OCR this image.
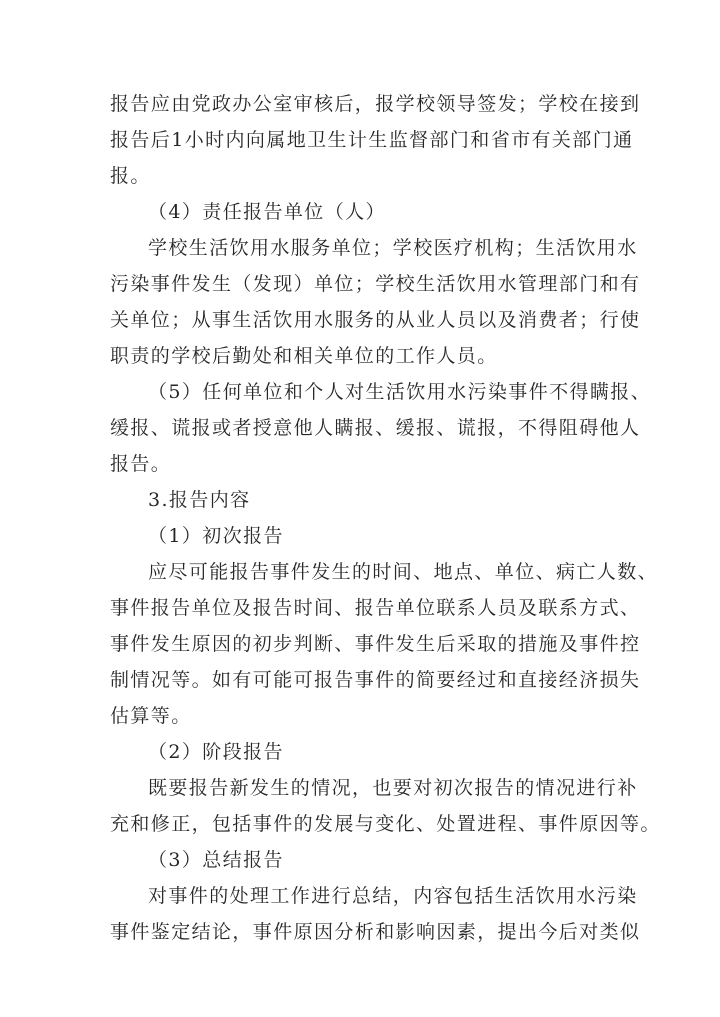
报告应由党政办公室审核后，报学校领导签发；学校在接到
报告后1小时内向属地卫生计生监督部门和省市有关部门通
报。
（4）责任报告单位（人）
学校生活饮用水服务单位；学校医疗机构；生活饮用水
污染事件发生（发现）单位；学校生活饮用水管理部门和有
关单位；从事生活饮用水服务的从业人员以及消费者；行使
职责的学校后勤处和相关单位的工作人员。
（5）任何单位和个人对生活饮用水污染事件不得瞒报、
缓报、谎报或者授意他人瞒报、缓报、谎报，不得阻碍他人
报告。
3.报告内容
（1）初次报告
应尽可能报告事件发生的时间、地点、单位、病亡人数、
事件报告单位及报告时间、报告单位联系人员及联系方式、
事件发生原因的初步判断、事件发生后采取的措施及事件控
制情况等。如有可能可报告事件的简要经过和直接经济损失
估算等。
（2）阶段报告
既要报告新发生的情况，也要对初次报告的情况进行补
充和修正，包括事件的发展与变化、处置进程、事件原因等。
（3）总结报告
对事件的处理工作进行总结，内容包括生活饮用水污染
事件鉴定结论，事件原因分析和影响因素，提出今后对类似
